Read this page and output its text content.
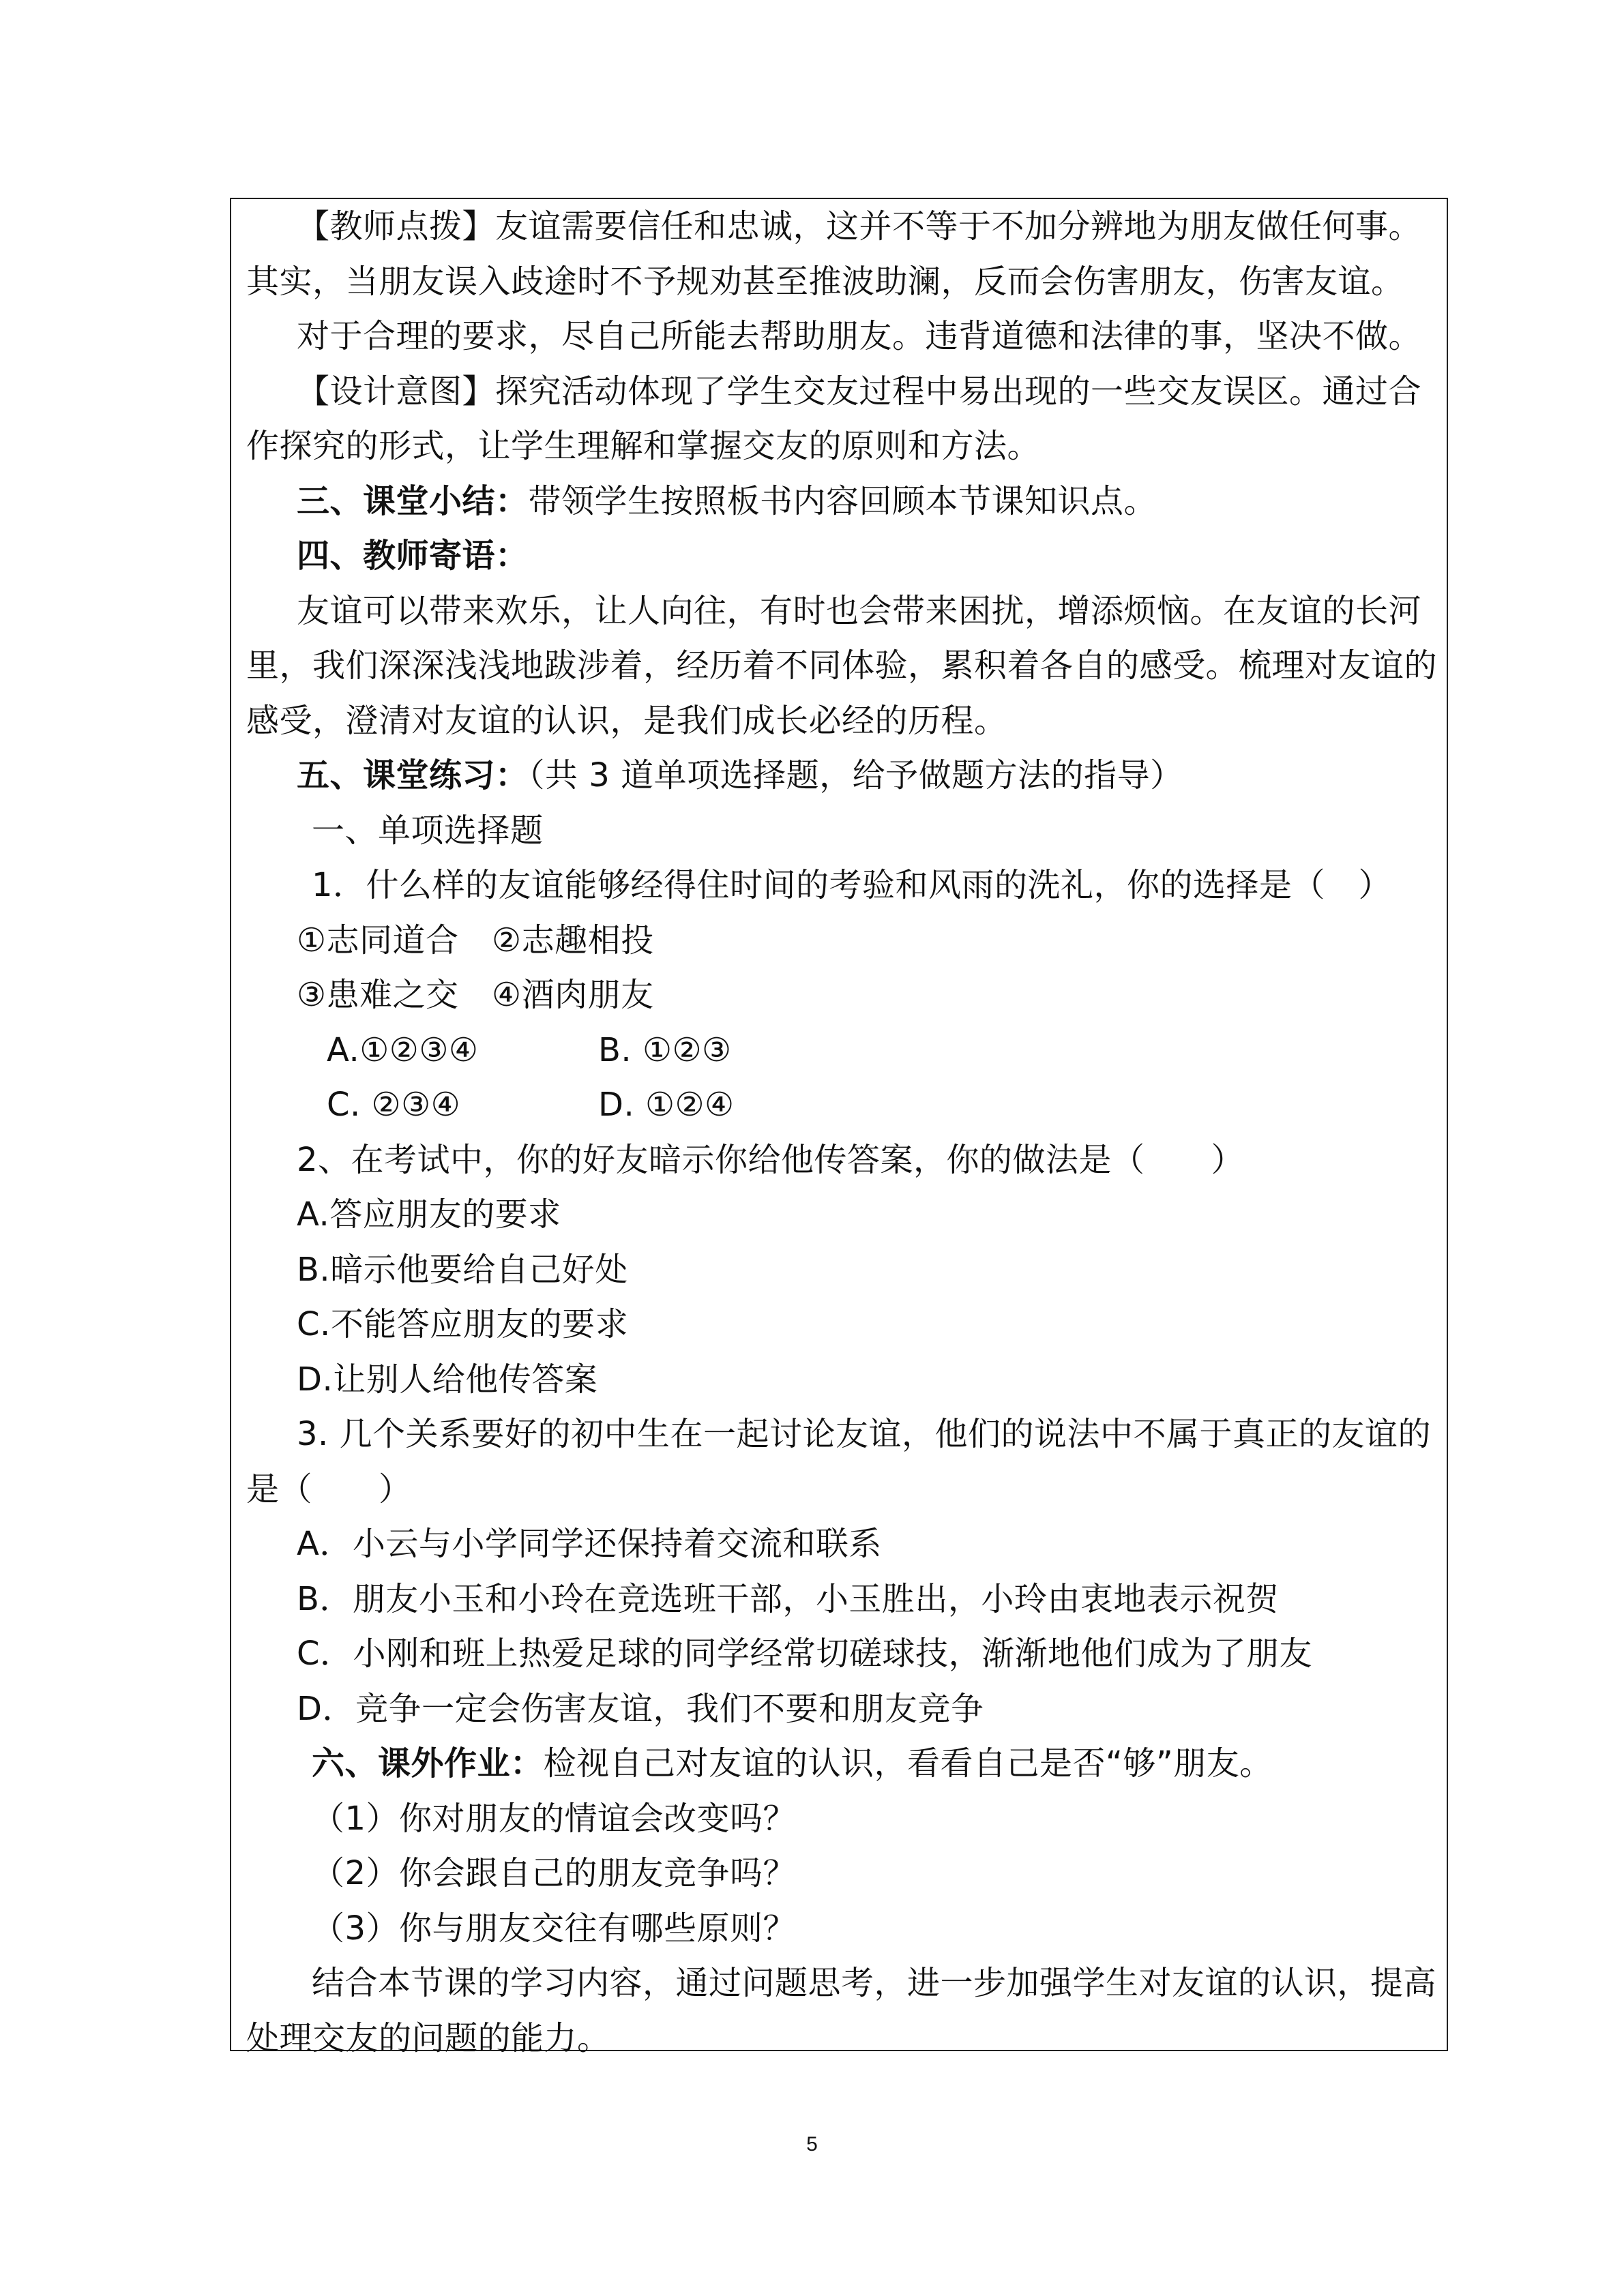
【教师点拨】友谊需要信任和忠诚，这并不等于不加分辨地为朋友做任何事。
其实，当朋友误入歧途时不予规劝甚至推波助澜，反而会伤害朋友，伤害友谊。
对于合理的要求，尽自己所能去帮助朋友。违背道德和法律的事，坚决不做。
【设计意图】探究活动体现了学生交友过程中易出现的一些交友误区。通过合
作探究的形式，让学生理解和掌握交友的原则和方法。
三、课堂小结：带领学生按照板书内容回顾本节课知识点。
四、教师寄语：
友谊可以带来欢乐，让人向往，有时也会带来困扰，增添烦恼。在友谊的长河
里，我们深深浅浅地跋涉着，经历着不同体验，累积着各自的感受。梳理对友谊的
感受，澄清对友谊的认识，是我们成长必经的历程。
五、课堂练习：（共 3 道单项选择题，给予做题方法的指导）
一、单项选择题
1．什么样的友谊能够经得住时间的考验和风雨的洗礼，你的选择是（　）
①志同道合　②志趣相投
③患难之交　④酒肉朋友
A.①②③④	B. ①②③
C. ②③④	D. ①②④
2、在考试中，你的好友暗示你给他传答案，你的做法是（　　）
A.答应朋友的要求
B.暗示他要给自己好处
C.不能答应朋友的要求
D.让别人给他传答案
3. 几个关系要好的初中生在一起讨论友谊，他们的说法中不属于真正的友谊的
是（　　）
A．小云与小学同学还保持着交流和联系
B．朋友小玉和小玲在竞选班干部，小玉胜出，小玲由衷地表示祝贺
C．小刚和班上热爱足球的同学经常切磋球技，渐渐地他们成为了朋友
D．竞争一定会伤害友谊，我们不要和朋友竞争
六、课外作业：检视自己对友谊的认识，看看自己是否“够”朋友。
（1）你对朋友的情谊会改变吗？
（2）你会跟自己的朋友竞争吗？
（3）你与朋友交往有哪些原则？
结合本节课的学习内容，通过问题思考，进一步加强学生对友谊的认识，提高
处理交友的问题的能力。
5
